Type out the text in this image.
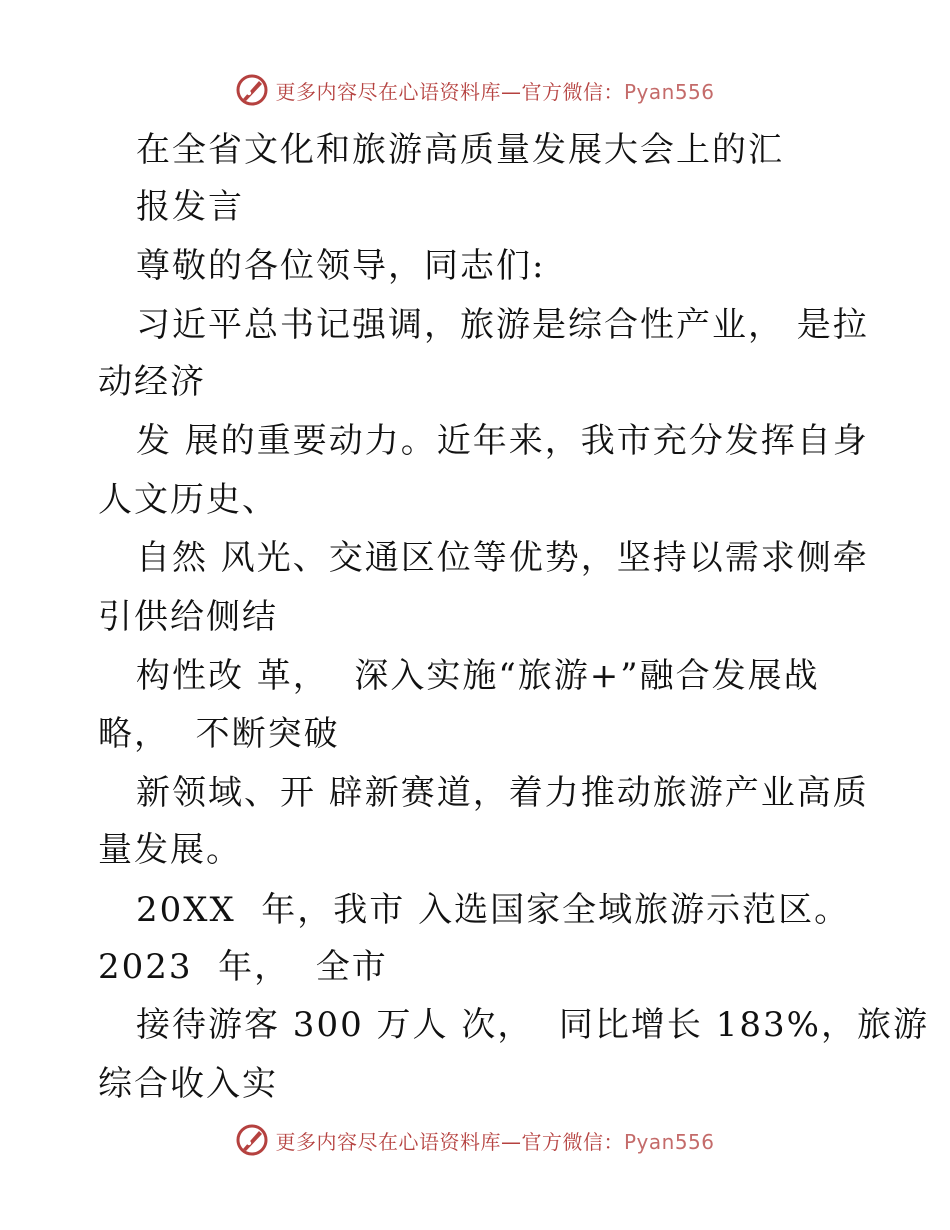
更多内容尽在心语资料库—官方微信：Pyan556
在全省文化和旅游高质量发展大会上的汇
报发言
尊敬的各位领导，同志们:
习近平总书记强调，旅游是综合性产业， 是拉
动经济
发 展的重要动力。近年来，我市充分发挥自身
人文历史、
自然 风光、交通区位等优势，坚持以需求侧牵
引供给侧结
构性改 革，  深入实施“旅游+”融合发展战
略，  不断突破
新领域、开 辟新赛道，着力推动旅游产业高质
量发展。
20XX  年，我市 入选国家全域旅游示范区。
2023  年，  全市
接待游客 300 万人 次，  同比增长 183%，旅游
综合收入实
更多内容尽在心语资料库—官方微信：Pyan556
